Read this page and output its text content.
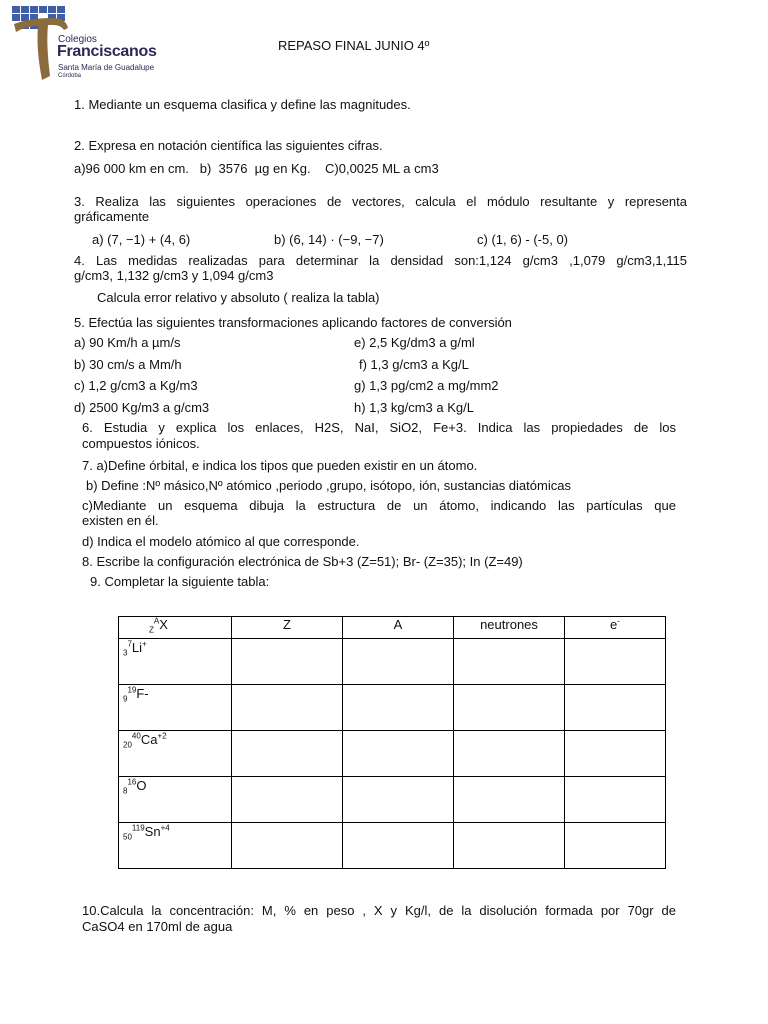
Colegios
Franciscanos
Santa María de Guadalupe
Córdoba
REPASO FINAL JUNIO 4º
1. Mediante un esquema clasifica y define las magnitudes.
2. Expresa en notación científica las siguientes cifras.
a)96 000 km en cm.   b)  3576  µg en Kg.    C)0,0025 ML a cm3
3. Realiza las siguientes operaciones de vectores, calcula el módulo resultante y representa
gráficamente
a) (7, −1) + (4, 6)	b) (6, 14) · (−9, −7)	c) (1, 6) - (-5, 0)
4. Las medidas realizadas para determinar la densidad son:1,124 g/cm3 ,1,079 g/cm3,1,115
g/cm3, 1,132 g/cm3 y 1,094 g/cm3
Calcula error relativo y absoluto ( realiza la tabla)
5. Efectúa las siguientes transformaciones aplicando factores de conversión
a) 90 Km/h a µm/s	e) 2,5 Kg/dm3 a g/ml
b) 30 cm/s a Mm/h	f) 1,3 g/cm3 a Kg/L
c) 1,2 g/cm3 a Kg/m3	g) 1,3 pg/cm2 a mg/mm2
d) 2500 Kg/m3 a g/cm3	h) 1,3 kg/cm3 a Kg/L
6. Estudia y explica los enlaces, H2S, NaI, SiO2, Fe+3. Indica las propiedades de los
compuestos iónicos.
7. a)Define órbital, e indica los tipos que pueden existir en un átomo.
b) Define :Nº másico,Nº atómico ,periodo ,grupo, isótopo, ión, sustancias diatómicas
c)Mediante un esquema dibuja la estructura de un átomo, indicando las partículas que
existen en él.
d) Indica el modelo atómico al que corresponde.
8. Escribe la configuración electrónica de Sb+3 (Z=51); Br- (Z=35); In (Z=49)
9. Completar la siguiente tabla:
$_Z^A$X	Z	A	neutrones	e-
$_3^7$Li+				
$_9^{19}$F-				
$_{20}^{40}Ca^{+2}$				
$_8^{16}$O				
$_{50}^{119}Sn^{+4}$				
10.Calcula la concentración: M, % en peso , X y Kg/l, de la disolución formada por 70gr de
CaSO4 en 170ml de agua
